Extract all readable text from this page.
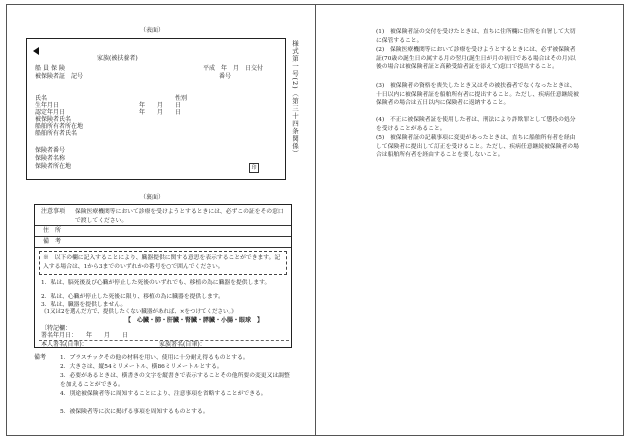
（表面）
家族(被扶養者)
船員保険
被保険者証　記号
平成　年　月　日交付
番号
氏名	性別
生年月日	年　　月　　日
認定年月日	年　　月　　日
被保険者氏名
船舶所有者所在地
船舶所有者氏名
保険者番号
保険者名称
保険者所在地	印
様式第一号(2)（第三十四条関係）
（裏面）
注意事項 保険医療機関等において診療を受けようとするときには、必ずこの証をその窓口で渡してください。
住　所
備　考
※　以下の欄に記入することにより、臓器提供に関する意思を表示することができます。記入する場合は、1から3までのいずれかの番号を○で囲んでください。
1．私は、脳死後及び心臓が停止した死後のいずれでも、移植の為に臓器を提供します。
2．私は、心臓が停止した死後に限り、移植の為に臓器を提供します。
3．私は、臓器を提供しません。
《1又は2を選んだ方で、提供したくない臓器があれば、×をつけてください。》
【　心臓・肺・肝臓・腎臓・膵臓・小腸・眼球　】
〔特記欄：
署名年月日：　　年　　月　　日
本人署名(自筆)：	家族署名(自筆)：
備考 1．プラスチックその他の材料を用い、使用に十分耐え得るものとする。
2．大きさは、縦54ミリメートル、横86ミリメートルとする。
3．必要があるときは、横書きの文字を縦書きで表示することその他所要の変更又は調整を加えることができる。
4．別途被保険者等に周知することにより、注意事項を省略することができる。
5．被保険者等に次に掲げる事項を周知するものとする。
(1)　被保険者証の交付を受けたときは、直ちに住所欄に住所を自署して大切に保管すること。
(2)　保険医療機関等において診療を受けようとするときには、必ず被保険者証(70歳の誕生日の属する月の翌月(誕生日が月の初日である場合はその月)以後の場合は被保険者証と高齢受給者証を添えて)窓口で提出すること。
(3)　被保険者の資格を喪失したとき又はその被扶養者でなくなったときは、十日以内に被保険者証を船舶所有者に提出すること。ただし、疾病任意継続被保険者の場合は五日以内に保険者に返納すること。
(4)　不正に被保険者証を使用した者は、刑法により詐欺罪として懲役の処分を受けることがあること。
(5)　被保険者証の記載事項に変更があったときは、直ちに船舶所有者を経由して保険者に提出して訂正を受けること。ただし、疾病任意継続被保険者の場合は船舶所有者を経由することを要しないこと。
